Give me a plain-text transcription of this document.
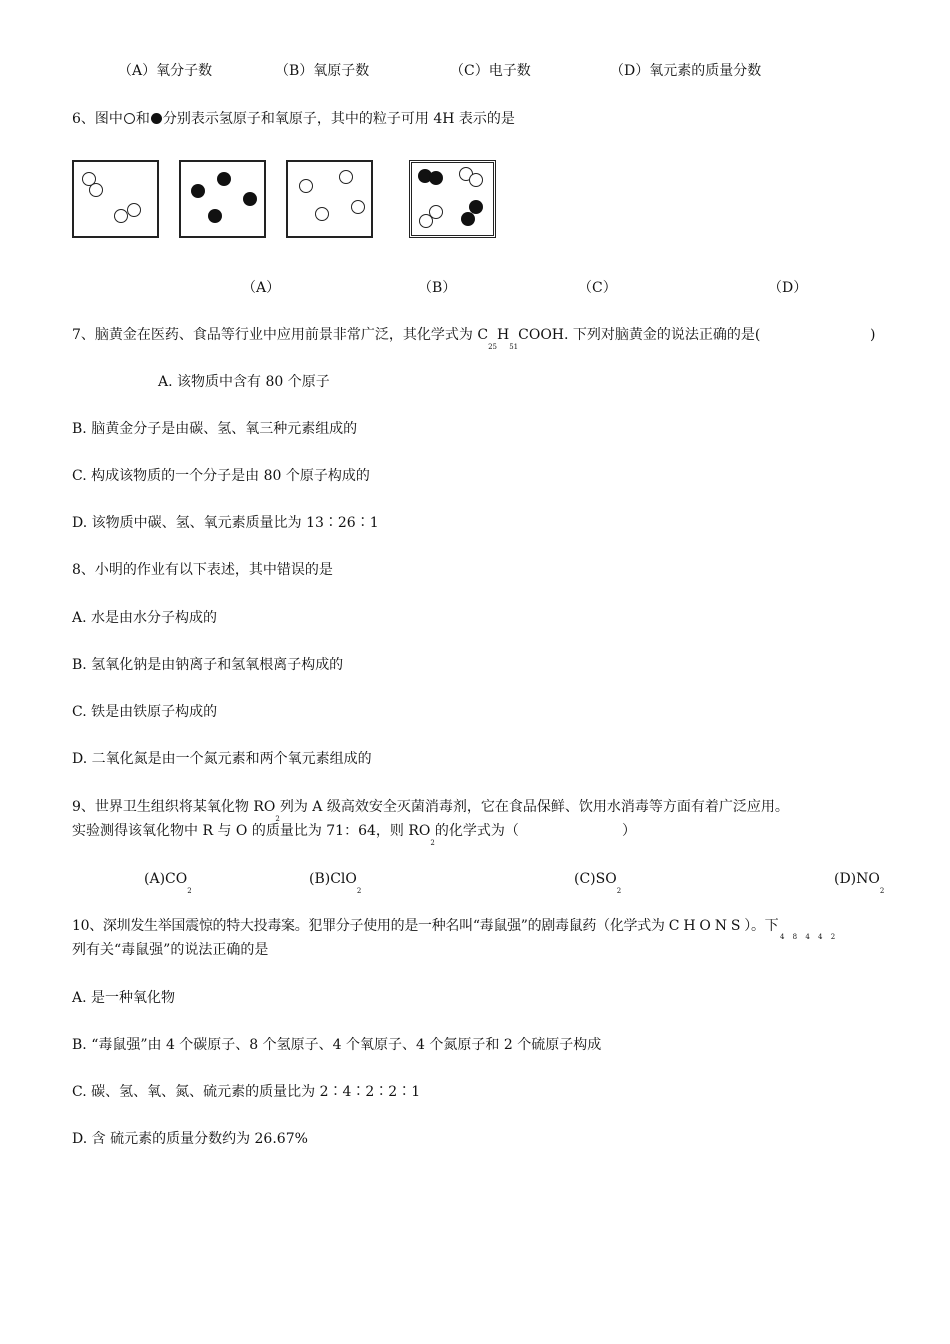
（A）氧分子数	（B）氧原子数	（C）电子数	（D）氧元素的质量分数
6、图中 和 分别表示氢原子和氧原子，其中的粒子可用 4H 表示的是
（A）	（B）	（C）	（D）
7、脑黄金在医药、食品等行业中应用前景非常广泛，其化学式为 $C_{25}H_{51}COOH$. 下列对脑黄金的说法正确的是(	)
A. 该物质中含有 80 个原子
B. 脑黄金分子是由碳、氢、氧三种元素组成的
C. 构成该物质的一个分子是由 80 个原子构成的
D. 该物质中碳、氢、氧元素质量比为 13∶26∶1
8、小明的作业有以下表述，其中错误的是
A. 水是由水分子构成的
B. 氢氧化钠是由钠离子和氢氧根离子构成的
C. 铁是由铁原子构成的
D. 二氧化氮是由一个氮元素和两个氧元素组成的
9、世界卫生组织将某氧化物 $RO_2$列为 A 级高效安全灭菌消毒剂，它在食品保鲜、饮用水消毒等方面有着广泛应用。
实验测得该氧化物中 R 与 O 的质量比为 71：64，则 $RO_2$的化学式为（	）
$(A)CO_2$
(B)ClO$_2$
$(C)SO_2$
$(D)NO_2$
10、深圳发生举国震惊的特大投毒案。犯罪分子使用的是一种名叫“毒鼠强”的剧毒鼠药（化学式为 C H O N S ）。下
4 8 4 4 2
列有关“毒鼠强”的说法正确的是
A. 是一种氧化物
B. “毒鼠强”由 4 个碳原子、8 个氢原子、4 个氧原子、4 个氮原子和 2 个硫原子构成
C. 碳、氢、氧、氮、硫元素的质量比为 2∶4∶2∶2∶1
D. 含 硫元素的质量分数约为 26.67%
